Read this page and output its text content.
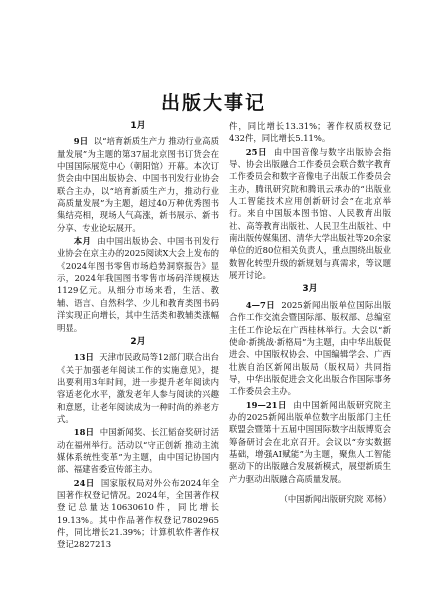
出版大事记
1月

9日 以“培育新质生产力 推动行业高质量发展”为主题的第37届北京图书订货会在中国国际展览中心（朝阳馆）开幕。本次订货会由中国出版协会、中国书刊发行业协会联合主办，以“培育新质生产力，推动行业高质量发展”为主题，超过40万种优秀图书集结亮相，现场人气高涨，新书展示、新书分享、专业论坛展开。

本月 由中国出版协会、中国书刊发行业协会在京主办的2025阅读X大会上发布的《2024年图书零售市场趋势洞察报告》显示，2024年我国图书零售市场码洋规模达1129亿元。从细分市场来看，生活、教辅、语言、自然科学、少儿和教育类图书码洋实现正向增长，其中生活类和教辅类涨幅明显。

2月

13日 天津市民政局等12部门联合出台《关于加强老年阅读工作的实施意见》，提出要利用3年时间，进一步提升老年阅读内容适老化水平，激发老年人参与阅读的兴趣和意愿，让老年阅读成为一种时尚的养老方式。

18日 中国新闻奖、长江韬奋奖研讨活动在福州举行。活动以“守正创新 推动主流媒体系统性变革”为主题，由中国记协国内部、福建省委宣传部主办。

24日 国家版权局对外公布2024年全国著作权登记情况。2024年，全国著作权登记总量达10630610件，同比增长19.13%。其中作品著作权登记7802965件，同比增长21.39%；计算机软件著作权登记2827213

件，同比增长13.31%；著作权质权登记432件，同比增长5.11%。

25日 由中国音像与数字出版协会指导、协会出版融合工作委员会联合数字教育工作委员会和数字音像电子出版工作委员会主办，腾讯研究院和腾讯云承办的“出版业人工智能技术应用创新研讨会”在北京举行。来自中国版本图书馆、人民教育出版社、高等教育出版社、人民卫生出版社、中南出版传媒集团、清华大学出版社等20余家单位的近80位相关负责人，重点围绕出版业数智化转型升级的新规划与真需求，等议题展开讨论。

3月

4—7日 2025新闻出版单位国际出版合作工作交流会暨国际部、版权部、总编室主任工作论坛在广西桂林举行。大会以“新使命·新挑战·新格局”为主题，由中华出版促进会、中国版权协会、中国编辑学会、广西壮族自治区新闻出版局（版权局）共同指导，中华出版促进会文化出版合作国际事务工作委员会主办。

19—21日 由中国新闻出版研究院主办的2025新闻出版单位数字出版部门主任联盟会暨第十五届中国国际数字出版博览会筹备研讨会在北京召开。会议以“夯实数据基础，增强AI赋能”为主题，聚焦人工智能驱动下的出版融合发展新模式，展望新质生产力驱动出版融合高质量发展。

（中国新闻出版研究院 邓杨）
